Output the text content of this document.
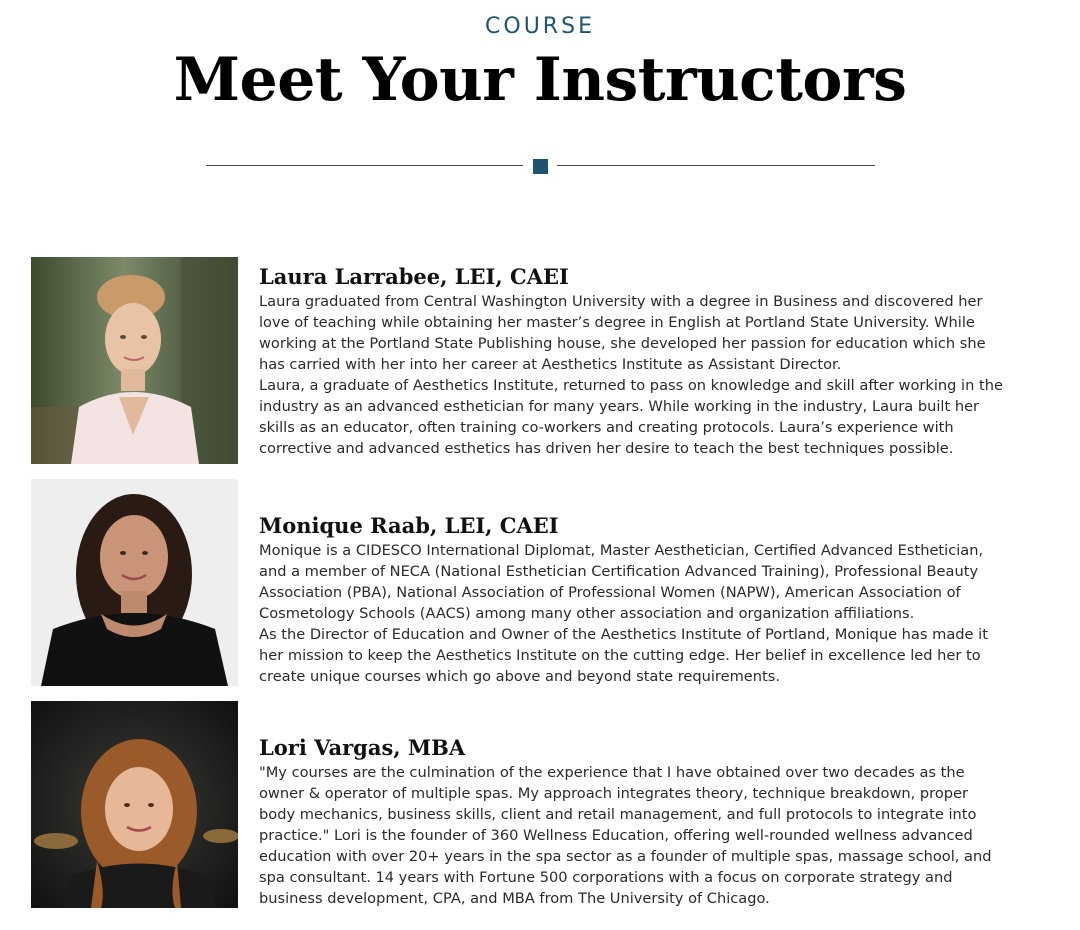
COURSE
Meet Your Instructors
Laura Larrabee, LEI, CAEI

Laura graduated from Central Washington University with a degree in Business and discovered her

love of teaching while obtaining her master’s degree in English at Portland State University. While

working at the Portland State Publishing house, she developed her passion for education which she

has carried with her into her career at Aesthetics Institute as Assistant Director.

Laura, a graduate of Aesthetics Institute, returned to pass on knowledge and skill after working in the

industry as an advanced esthetician for many years. While working in the industry, Laura built her

skills as an educator, often training co-workers and creating protocols. Laura’s experience with

corrective and advanced esthetics has driven her desire to teach the best techniques possible.

Monique Raab, LEI, CAEI

Monique is a CIDESCO International Diplomat, Master Aesthetician, Certified Advanced Esthetician,

and a member of NECA (National Esthetician Certification Advanced Training), Professional Beauty

Association (PBA), National Association of Professional Women (NAPW), American Association of

Cosmetology Schools (AACS) among many other association and organization affiliations.

As the Director of Education and Owner of the Aesthetics Institute of Portland, Monique has made it

her mission to keep the Aesthetics Institute on the cutting edge. Her belief in excellence led her to

create unique courses which go above and beyond state requirements.

Lori Vargas, MBA

"My courses are the culmination of the experience that I have obtained over two decades as the

owner & operator of multiple spas. My approach integrates theory, technique breakdown, proper

body mechanics, business skills, client and retail management, and full protocols to integrate into

practice." Lori is the founder of 360 Wellness Education, offering well-rounded wellness advanced

education with over 20+ years in the spa sector as a founder of multiple spas, massage school, and

spa consultant. 14 years with Fortune 500 corporations with a focus on corporate strategy and

business development, CPA, and MBA from The University of Chicago.
